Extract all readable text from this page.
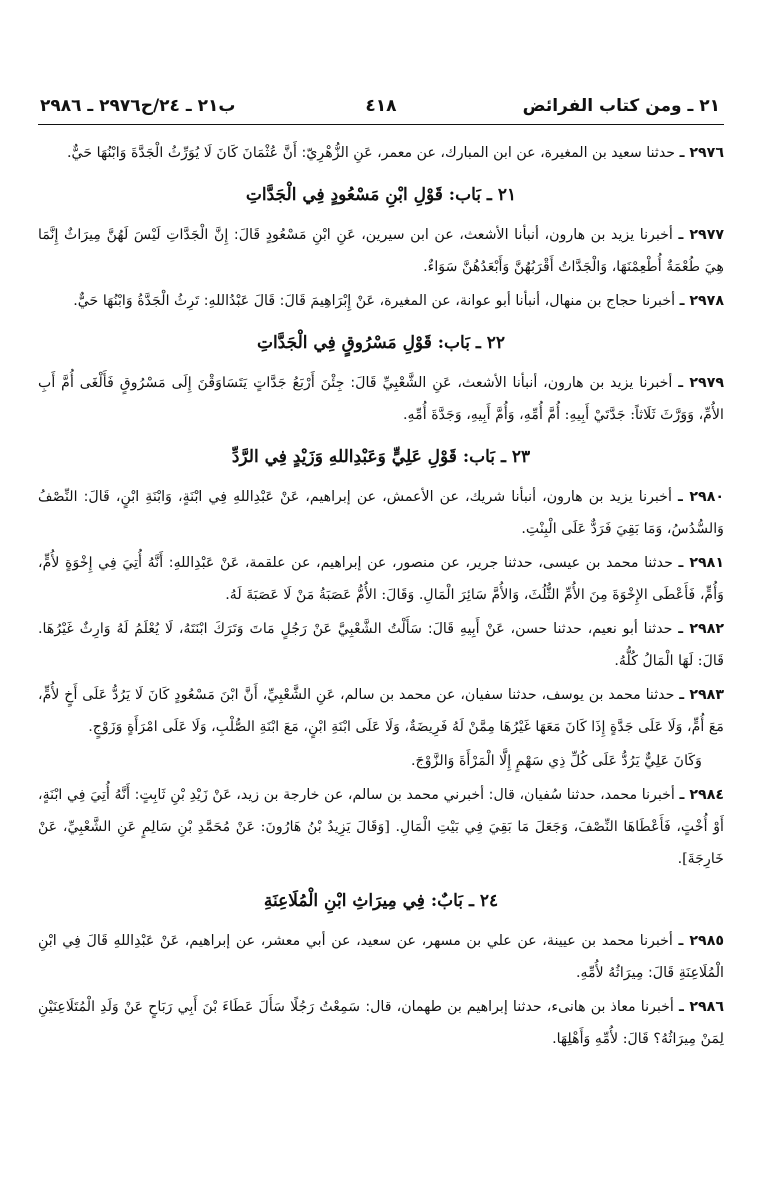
٢١ ـ ومن كتاب الفرائض
٤١٨
ب٢١ ـ ٢٤/ح٢٩٧٦ ـ ٢٩٨٦

٢٩٧٦ ـ حدثنا سعيد بن المغيرة، عن ابن المبارك، عن معمر، عَنِ الزُّهْرِيّ: أَنَّ عُثْمَانَ كَانَ لَا يُوَرِّثُ الْجَدَّةَ وَابْنُهَا حَيٌّ.

٢١ ـ بَاب: قَوْلِ ابْنِ مَسْعُودٍ فِي الْجَدَّاتِ

٢٩٧٧ ـ أخبرنا يزيد بن هارون، أنبأنا الأشعث، عن ابن سيرين، عَنِ ابْنِ مَسْعُودٍ قَالَ: إِنَّ الْجَدَّاتِ لَيْسَ لَهُنَّ مِيرَاثٌ إِنَّمَا هِيَ طُعْمَةٌ أُطْعِمْنَهَا، وَالْجَدَّاتُ أَقْرَبُهُنَّ وَأَبْعَدُهُنَّ سَوَاءٌ.

٢٩٧٨ ـ أخبرنا حجاج بن منهال، أنبأنا أبو عوانة، عن المغيرة، عَنْ إِبْرَاهِيمَ قَالَ: قَالَ عَبْدُاللهِ: تَرِثُ الْجَدَّةُ وَابْنُهَا حَيٌّ.

٢٢ ـ بَاب: قَوْلِ مَسْرُوقٍ فِي الْجَدَّاتِ

٢٩٧٩ ـ أخبرنا يزيد بن هارون، أنبأنا الأشعث، عَنِ الشَّعْبِيِّ قَالَ: جِئْنَ أَرْبَعُ جَدَّاتٍ يَتَسَاوَقْنَ إِلَى مَسْرُوقٍ فَأَلْغَى أُمَّ أَبِ الأُمِّ، وَوَرَّثَ ثَلَاثاً: جَدَّتَيْ أَبِيهِ: أُمَّ أُمِّهِ، وَأُمَّ أَبِيهِ، وَجَدَّةَ أُمِّهِ.

٢٣ ـ بَاب: قَوْلِ عَلِيٍّ وَعَبْدِاللهِ وَزَيْدٍ فِي الرَّدِّ

٢٩٨٠ ـ أخبرنا يزيد بن هارون، أنبأنا شريك، عن الأعمش، عن إبراهيم، عَنْ عَبْدِاللهِ فِي ابْنَةٍ، وَابْنَةِ ابْنٍ، قَالَ: النِّصْفُ وَالسُّدُسُ، وَمَا بَقِيَ فَرَدٌّ عَلَى الْبِنْتِ.

٢٩٨١ ـ حدثنا محمد بن عيسى، حدثنا جرير، عن منصور، عن إبراهيم، عن علقمة، عَنْ عَبْدِاللهِ: أَنَّهُ أُتِيَ فِي إِخْوَةٍ لأُمٍّ، وَأُمٍّ، فَأَعْطَى الإِخْوَةَ مِنَ الأُمِّ الثُّلُثَ، وَالأُمَّ سَائِرَ الْمَالِ. وَقَالَ: الأُمُّ عَصَبَةُ مَنْ لَا عَصَبَةَ لَهُ.

٢٩٨٢ ـ حدثنا أبو نعيم، حدثنا حسن، عَنْ أَبِيهِ قَالَ: سَأَلْتُ الشَّعْبِيَّ عَنْ رَجُلٍ مَاتَ وَتَرَكَ ابْنَتَهُ، لَا يُعْلَمُ لَهُ وَارِثٌ غَيْرُهَا. قَالَ: لَهَا الْمَالُ كُلُّهُ.

٢٩٨٣ ـ حدثنا محمد بن يوسف، حدثنا سفيان، عن محمد بن سالم، عَنِ الشَّعْبِيِّ، أَنَّ ابْنَ مَسْعُودٍ كَانَ لَا يَرُدُّ عَلَى أَخٍ لأُمٍّ، مَعَ أُمٍّ، وَلَا عَلَى جَدَّةٍ إِذَا كَانَ مَعَهَا غَيْرُهَا مِمَّنْ لَهُ فَرِيضَةٌ، وَلَا عَلَى ابْنَةِ ابْنٍ، مَعَ ابْنَةِ الصُّلْبِ، وَلَا عَلَى امْرَأَةٍ وَزَوْجٍ.

وَكَانَ عَلِيٌّ يَرُدُّ عَلَى كُلِّ ذِي سَهْمٍ إِلَّا الْمَرْأَةَ وَالزَّوْجَ.

٢٩٨٤ ـ أخبرنا محمد، حدثنا سُفيان، قال: أخبرني محمد بن سالم، عن خارجة بن زيد، عَنْ زَيْدِ بْنِ ثَابِتٍ: أَنَّهُ أُتِيَ فِي ابْنَةٍ، أَوْ أُخْتٍ، فَأَعْطَاهَا النِّصْفَ، وَجَعَلَ مَا بَقِيَ فِي بَيْتِ الْمَالِ. [وَقَالَ يَزِيدُ بْنُ هَارُونَ: عَنْ مُحَمَّدِ بْنِ سَالِمٍ عَنِ الشَّعْبِيِّ، عَنْ خَارِجَةَ].

٢٤ ـ بَابٌ: فِي مِيرَاثِ ابْنِ الْمُلَاعِنَةِ

٢٩٨٥ ـ أخبرنا محمد بن عيينة، عن علي بن مسهر، عن سعيد، عن أبي معشر، عن إبراهيم، عَنْ عَبْدِاللهِ قَالَ فِي ابْنِ الْمُلَاعِنَةِ قَالَ: مِيرَاثُهُ لأُمِّهِ.

٢٩٨٦ ـ أخبرنا معاذ بن هانىء، حدثنا إبراهيم بن طهمان، قال: سَمِعْتُ رَجُلًا سَأَلَ عَطَاءَ بْنَ أَبِي رَبَاحٍ عَنْ وَلَدِ الْمُتَلَاعِنَيْنِ لِمَنْ مِيرَاثُهُ؟ قَالَ: لأُمِّهِ وَأَهْلِهَا.
